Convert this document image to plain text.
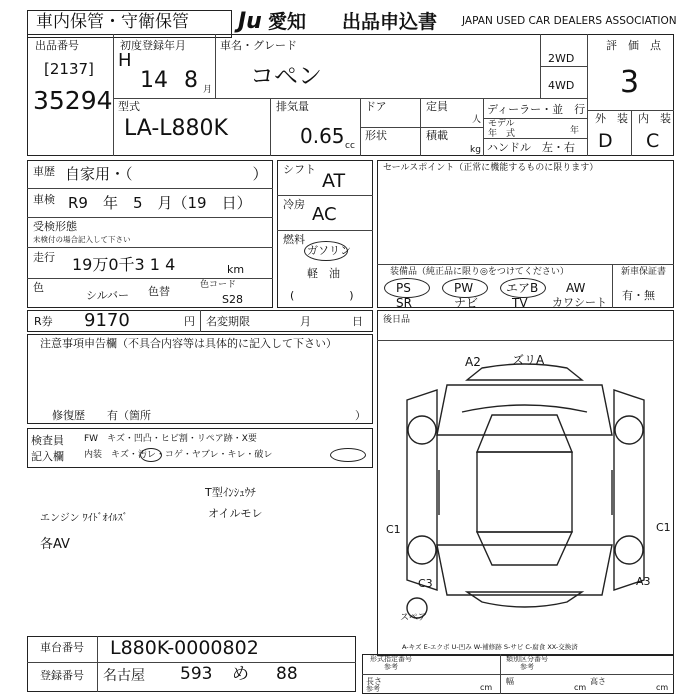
車内保管・守衛保管 Ju 愛知 出品申込書 JAPAN USED CAR DEALERS ASSOCIATION
出品番号
[2137]
35294
初度登録年月
H
14 8 月
車名・グレード
コペン
2WD
4WD
評　価　点
3
型式
LA-L880K
排気量
0.65 cc
ドア
形状
定員
人
積載
kg
ディーラー・並　行
モデル
年　式	年
ハンドル　左・右
外　装 内　装
D C
車歴 自家用・（　　　　　　　　）
車検 R9　年　5　月（19　日）
受検形態
未検付の場合記入して下さい
走行 19万0千3 1 4	km
色
シルバー 色替	色コード
S28
シフト
AT
冷房 AC
燃料
ガソリン
軽　油
(　　　　　)
セールスポイント（正常に機能するものに限ります）
装備品（純正品に限り◎をつけてください）	新車保証書
有・無
PS	PW	エアB AW
SR	ナビ	TV カワシート
R券 9170	円 名変期限	月	日
注意事項申告欄（不具合内容等は具体的に記入して下さい）
修復歴　　有（箇所	）
検査員
記入欄
FW　キズ・凹凸・ヒビ割・リペア跡・X要
内装　キズ・汚レ・コゲ・ヤブレ・キレ・破レ
T型ｲﾝｼｭｳﾁ
オイルモレ
エンジン ﾜｲﾄﾞｵｲﾙｽﾞ
各AV
後日品
A2	ズリA
C1	C1
C3	A3
スペア
A-キズ E-エクボ U-凹み W-補修跡 S-サビ C-腐食 XX-交換済
車台番号 L880K-0000802
登録番号 名古屋 593 め 88
形式指定番号
参考
類別区分番号
参考
長さ
参考	cm
幅
cm
高さ
cm
